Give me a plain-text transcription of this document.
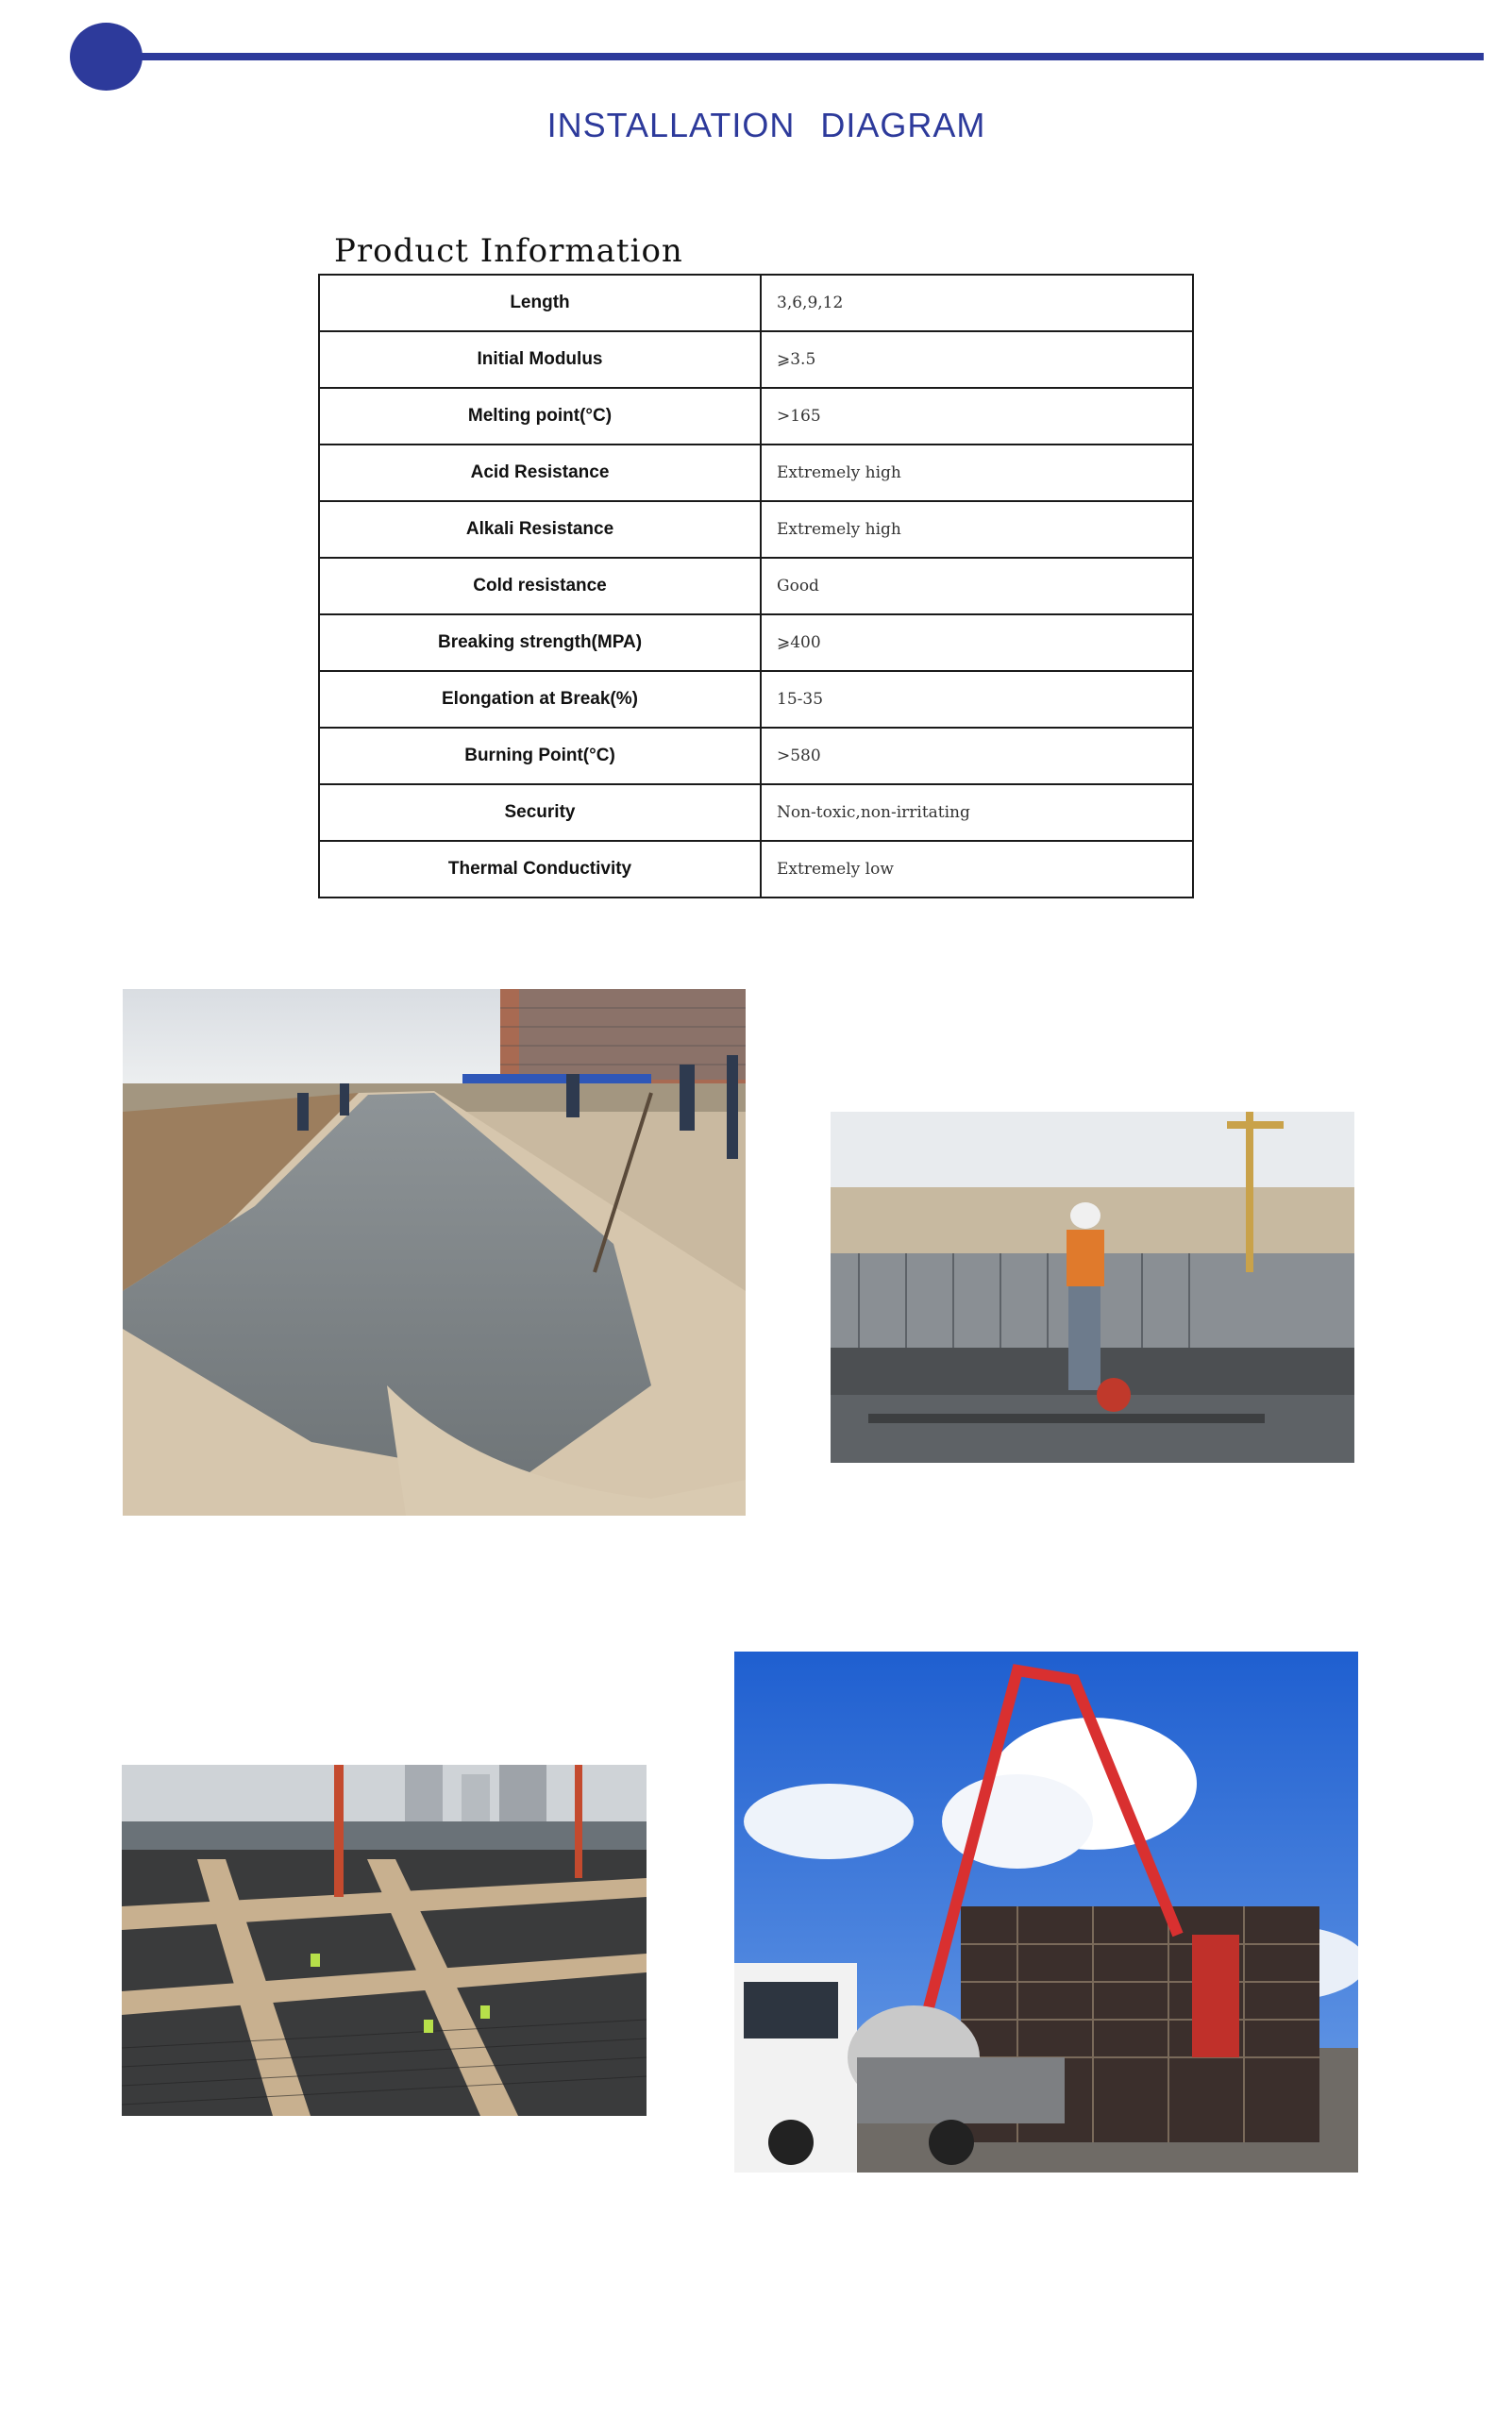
INSTALLATION DIAGRAM
Product Information
Length	3,6,9,12
Initial Modulus	⩾3.5
Melting point(°C)	>165
Acid Resistance	Extremely high
Alkali Resistance	Extremely high
Cold resistance	Good
Breaking strength(MPA)	⩾400
Elongation at Break(%)	15-35
Burning Point(°C)	>580
Security	Non-toxic,non-irritating
Thermal Conductivity	Extremely low
